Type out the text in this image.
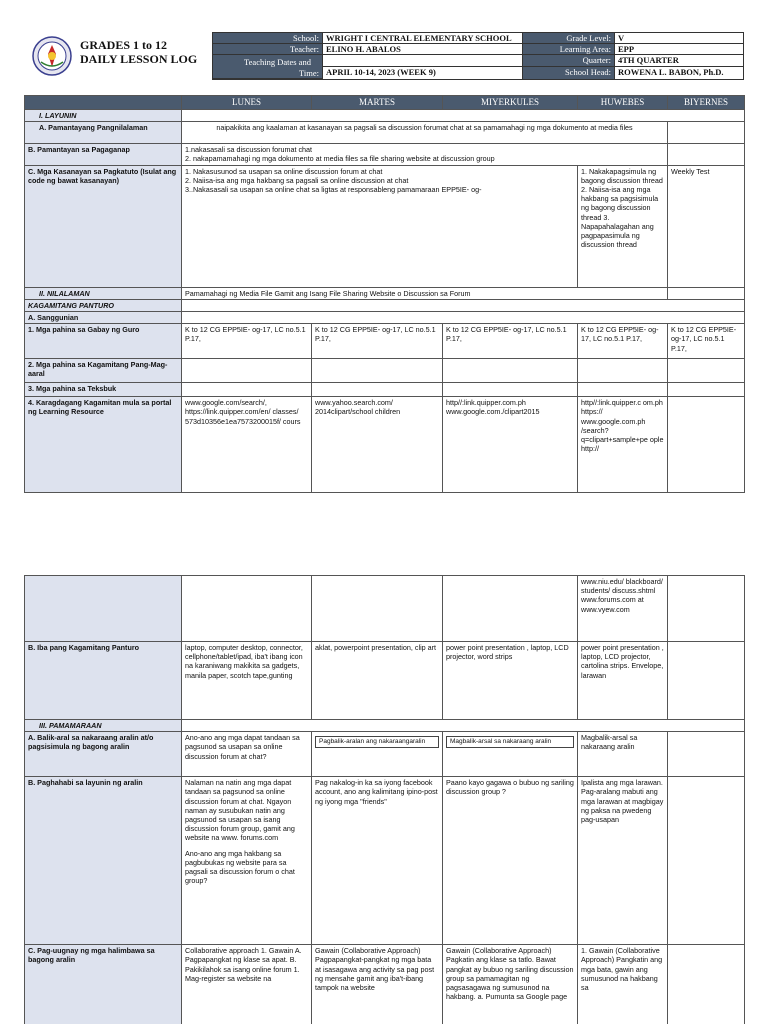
GRADES 1 to 12
DAILY LESSON LOG
School: WRIGHT I CENTRAL ELEMENTARY SCHOOL	Grade Level: V
Teacher: ELINO H. ABALOS	Learning Area: EPP
Teaching Dates and
Time: APRIL 10-14, 2023 (WEEK 9)
Quarter: 4TH QUARTER
School Head: ROWENA L. BABON, Ph.D.
	LUNES	MARTES	MIYERKULES	HUWEBES	BIYERNES
I. LAYUNIN					
A. Pamantayang Pangnilalaman	naipakikita ang kaalaman at kasanayan sa pagsali sa discussion forumat chat at sa pamamahagi ng mga dokumento at media files				
B. Pamantayan sa Pagaganap	1.nakasasali sa discussion forumat chat
2. nakapamamahagi ng mga dokumento at media files sa file sharing website at discussion group				

C. Mga Kasanayan sa Pagkatuto (Isulat ang code ng bawat kasanayan)	1. Nakasusunod sa usapan sa online discussion forum at chat
2. Naiisa-isa ang mga hakbang sa pagsali sa online discussion at chat
3..Nakasasali sa usapan sa online chat sa ligtas at responsableng pamamaraan EPP5IE- og-			1. Nakakapagsimula ng bagong discussion thread 2. Naiisa-isa ang mga hakbang sa pagsisimula ng bagong discussion thread 3. Napapahalagahan ang pagpapasimula ng discussion thread	Weekly Test
II. NILALAMAN	Pamamahagi ng Media File Gamit ang Isang File Sharing Website o Discussion sa Forum				
KAGAMITANG PANTURO					
A. Sanggunian					
1. Mga pahina sa Gabay ng Guro	K to 12 CG EPP5IE- og-17, LC no.5.1 P.17,	K to 12 CG EPP5IE- og-17, LC no.5.1 P.17,	K to 12 CG EPP5IE- og-17, LC no.5.1 P.17,	K to 12 CG EPP5IE- og-17, LC no.5.1 P.17,	K to 12 CG EPP5IE- og-17, LC no.5.1 P.17,
2. Mga pahina sa Kagamitang Pang-Mag-aaral					
3. Mga pahina sa Teksbuk					
4. Karagdagang Kagamitan mula sa portal ng Learning Resource	www.google.com/search/, https://link.quipper.com/en/ classes/ 573d10356e1ea7573200015f/ cours	www.yahoo.search.com/ 2014clipart/school children	http//:link.quipper.com.ph www.google.com./clipart2015	http//:link.quipper.c om.ph https:// www.google.com.ph /search? q=clipart+sample+pe ople http://	
				www.niu.edu/ blackboard/ students/ discuss.shtml www.forums.com at www.vyew.com	
B. Iba pang Kagamitang Panturo	laptop, computer desktop, connector, cellphone/tablet/ipad, iba't ibang icon na karaniwang makikita sa gadgets, manila paper, scotch tape,gunting	aklat, powerpoint presentation, clip art	power point presentation , laptop, LCD projector, word strips	power point presentation , laptop, LCD projector, cartolina strips. Envelope, larawan	
III. PAMAMARAAN					
A. Balik-aral sa nakaraang aralin at/o pagsisimula ng bagong aralin	Ano-ano ang mga dapat tandaan sa pagsunod sa usapan sa online discussion forum at chat?	Pagbalik-aralan ang nakaraangaralin	Magbalik-arsal sa nakaraang aralin	Magbalik-arsal sa nakaraang aralin	
B. Paghahabi sa layunin ng aralin	Nalaman na natin ang mga dapat tandaan sa pagsunod sa online discussion forum at chat. Ngayon naman ay susubukan natin ang pagsunod sa usapan sa isang discussion forum group, gamit ang website na www. forums.com
Ano-ano ang mga hakbang sa pagbubukas ng website para sa pagsali sa discussion forum o chat group?	Pag nakalog-in ka sa iyong facebook account, ano ang kalimitang ipino-post ng iyong mga "friends"	Paano kayo gagawa o bubuo ng sariling discussion group ?	Ipalista ang mga larawan. Pag-aralang mabuti ang mga larawan at magbigay ng paksa na pwedeng pag-usapan	
C. Pag-uugnay ng mga halimbawa sa bagong aralin	Collaborative approach 1. Gawain A. Pagpapangkat ng klase sa apat. B. Pakikilahok sa isang online forum 1. Mag-register sa website na	Gawain (Collaborative Approach) Pagpapangkat-pangkat ng mga bata at isasagawa ang activity sa pag post ng mensahe gamit ang iba't-ibang tampok na website	Gawain (Collaborative Approach) Pagkatin ang klase sa tatlo. Bawat pangkat ay bubuo ng sariling discussion group sa pamamagitan ng pagsasagawa ng sumusunod na hakbang. a. Pumunta sa Google page	1. Gawain (Collaborative Approach) Pangkatin ang mga bata, gawin ang sumusunod na hakbang sa	
